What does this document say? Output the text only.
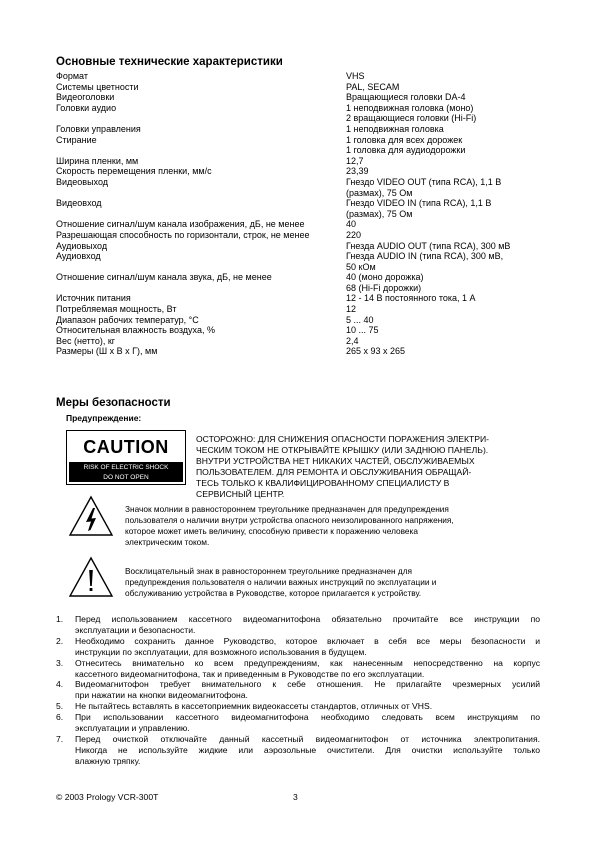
Основные технические характеристики
Формат	VHS
Системы цветности	PAL, SECAM
Видеоголовки	Вращающиеся головки DA-4
Головки аудио	1 неподвижная головка (моно)
2 вращающиеся головки (Hi-Fi)
Головки управления	1 неподвижная головка
Стирание	1 головка для всех дорожек
1 головка для аудиодорожки
Ширина пленки, мм	12,7
Скорость перемещения пленки, мм/с	23,39
Видеовыход	Гнездо VIDEO OUT (типа RCA), 1,1 В
(размах), 75 Ом
Видеовход	Гнездо VIDEO IN (типа RCA), 1,1 В
(размах), 75 Ом
Отношение сигнал/шум канала изображения, дБ, не менее	40
Разрешающая способность по горизонтали, строк, не менее	220
Аудиовыход	Гнезда AUDIO OUT (типа RCA), 300 мВ
Аудиовход	Гнезда AUDIO IN (типа RCA), 300 мВ,
50 кОм
Отношение сигнал/шум канала звука, дБ, не менее	40 (моно дорожка)
68 (Hi-Fi дорожки)
Источник питания	12 - 14 В постоянного тока, 1 А
Потребляемая мощность, Вт	12
Диапазон рабочих температур, °C	5 ... 40
Относительная влажность воздуха, %	10 ... 75
Вес (нетто), кг	2,4
Размеры (Ш x В x Г), мм	265 x 93 x 265
Меры безопасности
Предупреждение:
CAUTION
RISK OF ELECTRIC SHOCK
DO NOT OPEN
ОСТОРОЖНО: ДЛЯ СНИЖЕНИЯ ОПАСНОСТИ ПОРАЖЕНИЯ ЭЛЕКТРИ-
ЧЕСКИМ ТОКОМ НЕ ОТКРЫВАЙТЕ КРЫШКУ (ИЛИ ЗАДНЮЮ ПАНЕЛЬ).
ВНУТРИ УСТРОЙСТВА НЕТ НИКАКИХ ЧАСТЕЙ, ОБСЛУЖИВАЕМЫХ
ПОЛЬЗОВАТЕЛЕМ. ДЛЯ РЕМОНТА И ОБСЛУЖИВАНИЯ ОБРАЩАЙ-
ТЕСЬ ТОЛЬКО К КВАЛИФИЦИРОВАННОМУ СПЕЦИАЛИСТУ В
СЕРВИСНЫЙ ЦЕНТР.
Значок молнии в равностороннем треугольнике предназначен для предупреждения
пользователя о наличии внутри устройства опасного неизолированного напряжения,
которое может иметь величину, способную привести к поражению человека
электрическим током.
Восклицательный знак в равностороннем треугольнике предназначен для
предупреждения пользователя о наличии важных инструкций по эксплуатации и
обслуживанию устройства в Руководстве, которое прилагается к устройству.
1.	Перед использованием кассетного видеомагнитофона обязательно прочитайте все инструкции по
эксплуатации и безопасности.
2.	Необходимо сохранить данное Руководство, которое включает в себя все меры безопасности и
инструкции по эксплуатации, для возможного использования в будущем.
3.	Отнеситесь внимательно ко всем предупреждениям, как нанесенным непосредственно на корпус
кассетного видеомагнитофона, так и приведенным в Руководстве по его эксплуатации.
4.	Видеомагнитофон требует внимательного к себе отношения. Не прилагайте чрезмерных усилий
при нажатии на кнопки видеомагнитофона.
5.	Не пытайтесь вставлять в кассетоприемник видеокассеты стандартов, отличных от VHS.
6.	При использовании кассетного видеомагнитофона необходимо следовать всем инструкциям по
эксплуатации и управлению.
7.	Перед очисткой отключайте данный кассетный видеомагнитофон от источника электропитания.
Никогда не используйте жидкие или аэрозольные очистители. Для очистки используйте только
влажную тряпку.
© 2003 Prology VCR-300T	3
